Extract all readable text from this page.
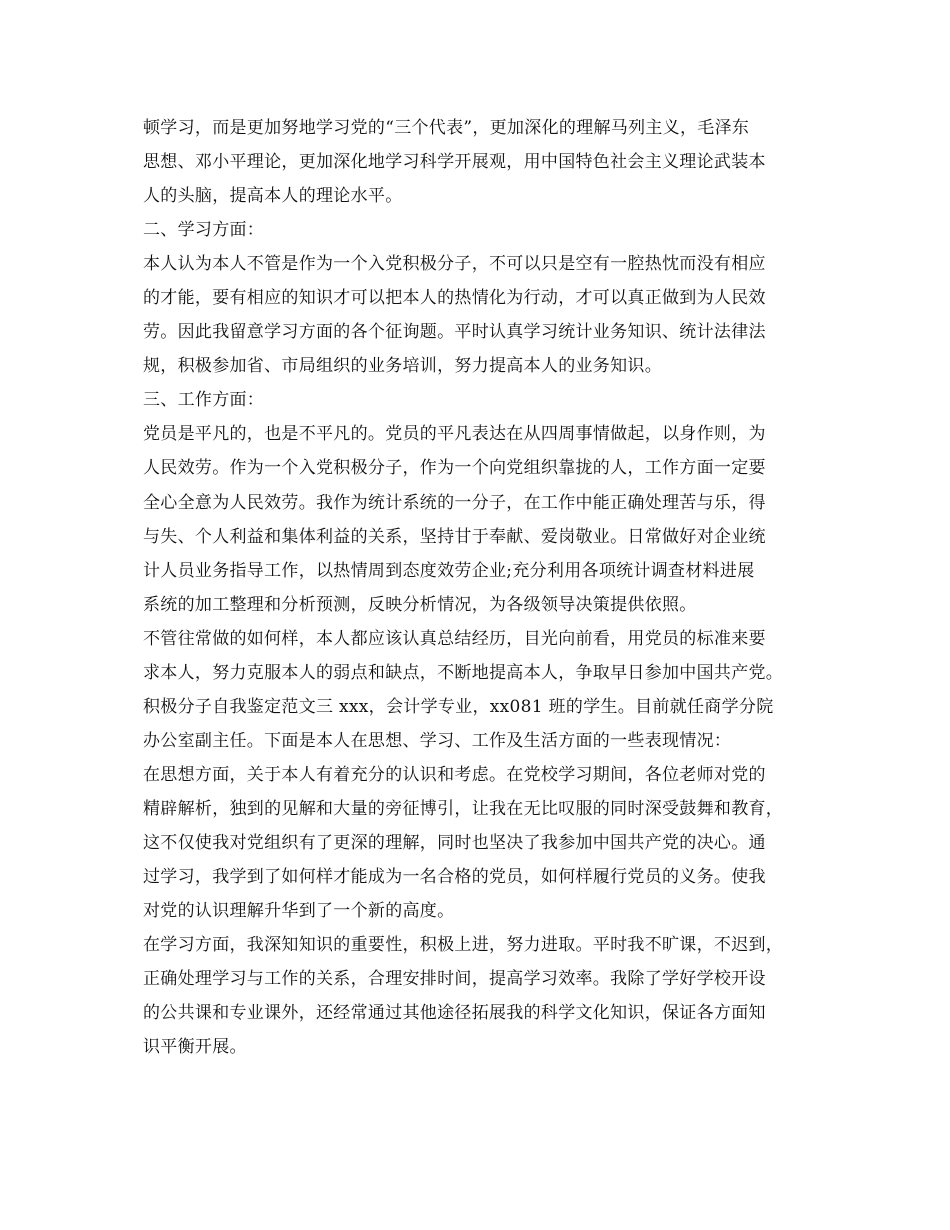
顿学习，而是更加努地学习党的“三个代表”，更加深化的理解马列主义，毛泽东
思想、邓小平理论，更加深化地学习科学开展观，用中国特色社会主义理论武装本
人的头脑，提高本人的理论水平。
二、学习方面：
本人认为本人不管是作为一个入党积极分子，不可以只是空有一腔热忱而没有相应
的才能，要有相应的知识才可以把本人的热情化为行动，才可以真正做到为人民效
劳。因此我留意学习方面的各个征询题。平时认真学习统计业务知识、统计法律法
规，积极参加省、市局组织的业务培训，努力提高本人的业务知识。
三、工作方面：
党员是平凡的，也是不平凡的。党员的平凡表达在从四周事情做起，以身作则，为
人民效劳。作为一个入党积极分子，作为一个向党组织靠拢的人，工作方面一定要
全心全意为人民效劳。我作为统计系统的一分子，在工作中能正确处理苦与乐，得
与失、个人利益和集体利益的关系，坚持甘于奉献、爱岗敬业。日常做好对企业统
计人员业务指导工作，以热情周到态度效劳企业;充分利用各项统计调查材料进展
系统的加工整理和分析预测，反映分析情况，为各级领导决策提供依照。
不管往常做的如何样，本人都应该认真总结经历，目光向前看，用党员的标准来要
求本人，努力克服本人的弱点和缺点，不断地提高本人，争取早日参加中国共产党。
积极分子自我鉴定范文三 xxx，会计学专业，xx081 班的学生。目前就任商学分院
办公室副主任。下面是本人在思想、学习、工作及生活方面的一些表现情况：
在思想方面，关于本人有着充分的认识和考虑。在党校学习期间，各位老师对党的
精辟解析，独到的见解和大量的旁征博引，让我在无比叹服的同时深受鼓舞和教育，
这不仅使我对党组织有了更深的理解，同时也坚决了我参加中国共产党的决心。通
过学习，我学到了如何样才能成为一名合格的党员，如何样履行党员的义务。使我
对党的认识理解升华到了一个新的高度。
在学习方面，我深知知识的重要性，积极上进，努力进取。平时我不旷课，不迟到，
正确处理学习与工作的关系，合理安排时间，提高学习效率。我除了学好学校开设
的公共课和专业课外，还经常通过其他途径拓展我的科学文化知识，保证各方面知
识平衡开展。
